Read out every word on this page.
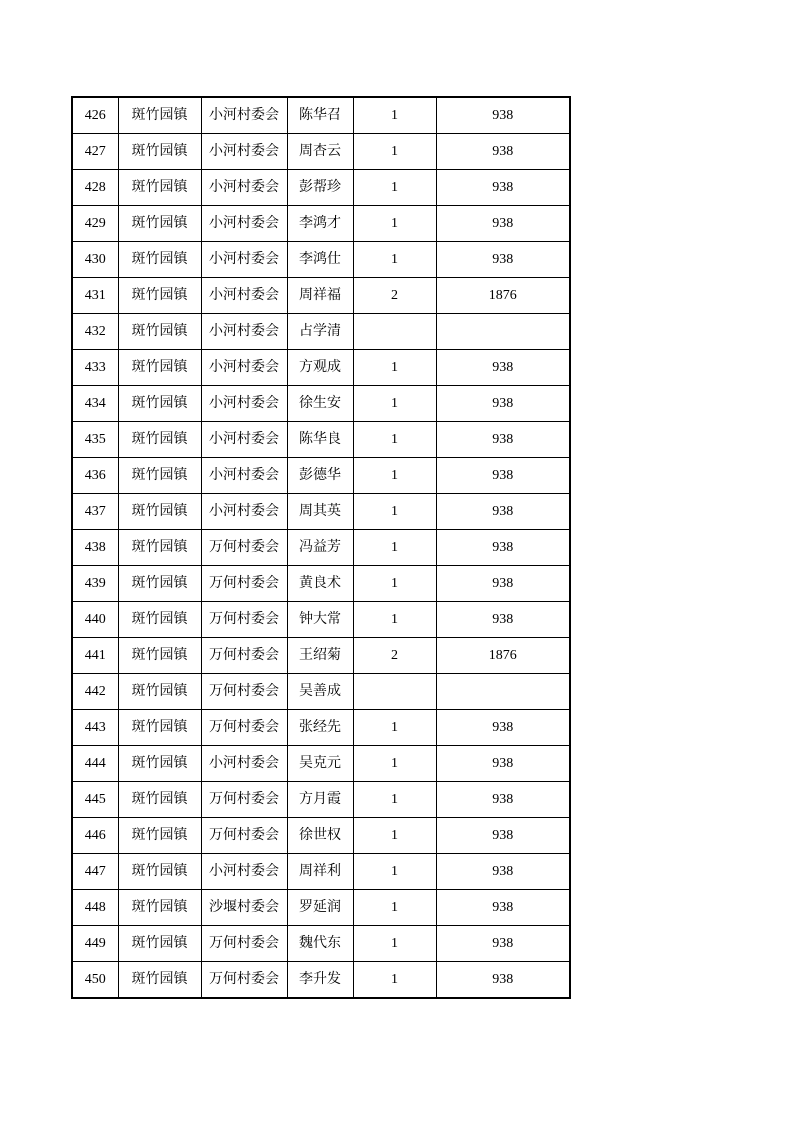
426	斑竹园镇	小河村委会	陈华召	1	938
427	斑竹园镇	小河村委会	周杏云	1	938
428	斑竹园镇	小河村委会	彭帮珍	1	938
429	斑竹园镇	小河村委会	李鸿才	1	938
430	斑竹园镇	小河村委会	李鸿仕	1	938
431	斑竹园镇	小河村委会	周祥福	2	1876
432	斑竹园镇	小河村委会	占学清		
433	斑竹园镇	小河村委会	方观成	1	938
434	斑竹园镇	小河村委会	徐生安	1	938
435	斑竹园镇	小河村委会	陈华良	1	938
436	斑竹园镇	小河村委会	彭德华	1	938
437	斑竹园镇	小河村委会	周其英	1	938
438	斑竹园镇	万何村委会	冯益芳	1	938
439	斑竹园镇	万何村委会	黄良术	1	938
440	斑竹园镇	万何村委会	钟大常	1	938
441	斑竹园镇	万何村委会	王绍菊	2	1876
442	斑竹园镇	万何村委会	吴善成		
443	斑竹园镇	万何村委会	张经先	1	938
444	斑竹园镇	小河村委会	吴克元	1	938
445	斑竹园镇	万何村委会	方月霞	1	938
446	斑竹园镇	万何村委会	徐世权	1	938
447	斑竹园镇	小河村委会	周祥利	1	938
448	斑竹园镇	沙堰村委会	罗延润	1	938
449	斑竹园镇	万何村委会	魏代东	1	938
450	斑竹园镇	万何村委会	李升发	1	938
